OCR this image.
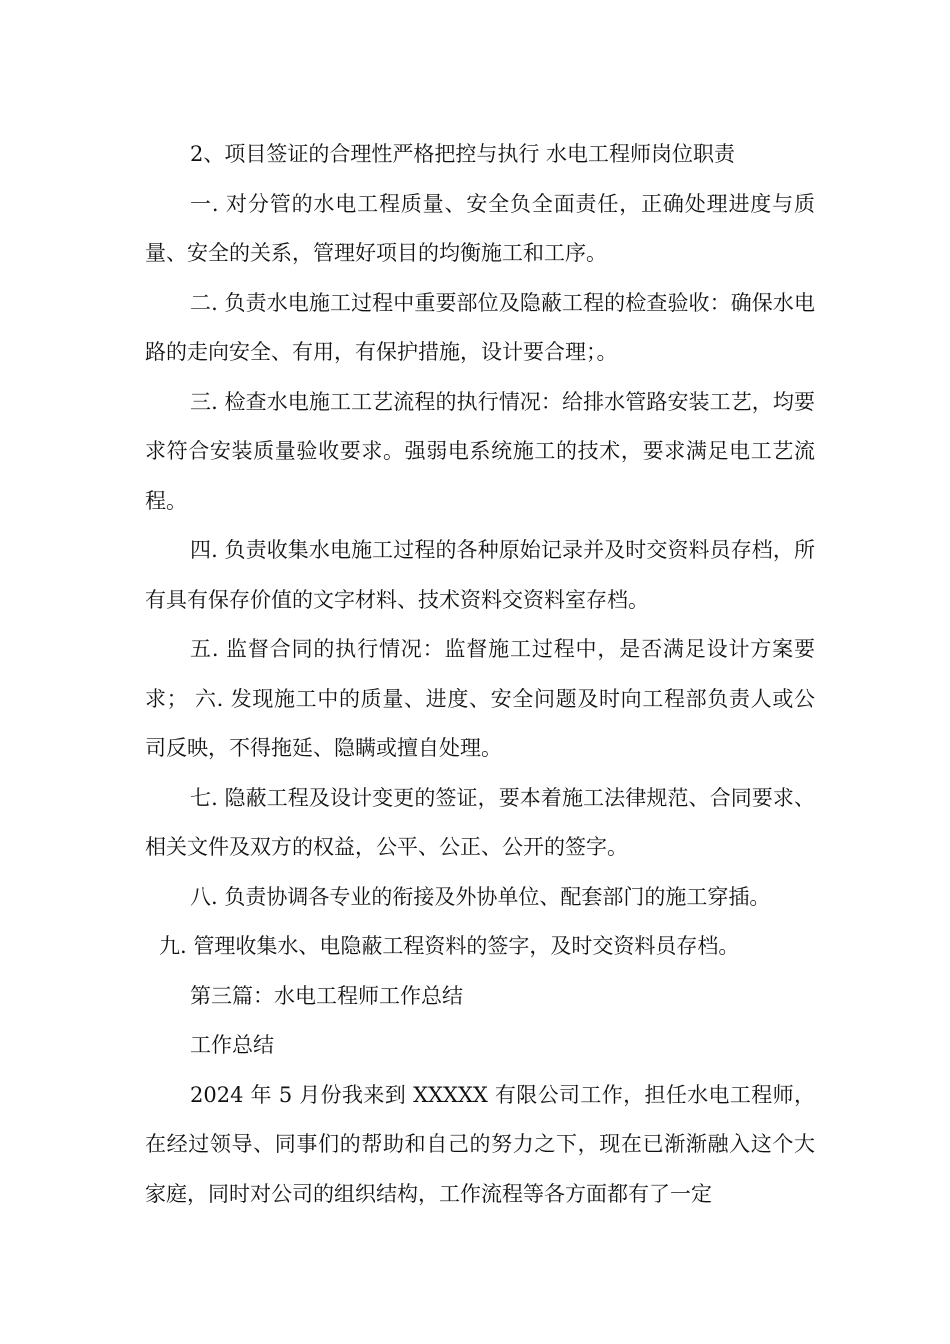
2、项目签证的合理性严格把控与执行 水电工程师岗位职责

一. 对分管的水电工程质量、安全负全面责任，正确处理进度与质量、安全的关系，管理好项目的均衡施工和工序。

二. 负责水电施工过程中重要部位及隐蔽工程的检查验收：确保水电路的走向安全、有用，有保护措施，设计要合理；。

三. 检查水电施工工艺流程的执行情况：给排水管路安装工艺，均要求符合安装质量验收要求。强弱电系统施工的技术，要求满足电工艺流程。

四. 负责收集水电施工过程的各种原始记录并及时交资料员存档，所有具有保存价值的文字材料、技术资料交资料室存档。

五. 监督合同的执行情况：监督施工过程中，是否满足设计方案要求； 六. 发现施工中的质量、进度、安全问题及时向工程部负责人或公司反映，不得拖延、隐瞒或擅自处理。

七. 隐蔽工程及设计变更的签证，要本着施工法律规范、合同要求、相关文件及双方的权益，公平、公正、公开的签字。

八. 负责协调各专业的衔接及外协单位、配套部门的施工穿插。

九. 管理收集水、电隐蔽工程资料的签字，及时交资料员存档。

第三篇：水电工程师工作总结

工作总结

2024 年 5 月份我来到 XXXXX 有限公司工作，担任水电工程师，在经过领导、同事们的帮助和自己的努力之下，现在已渐渐融入这个大家庭，同时对公司的组织结构，工作流程等各方面都有了一定
